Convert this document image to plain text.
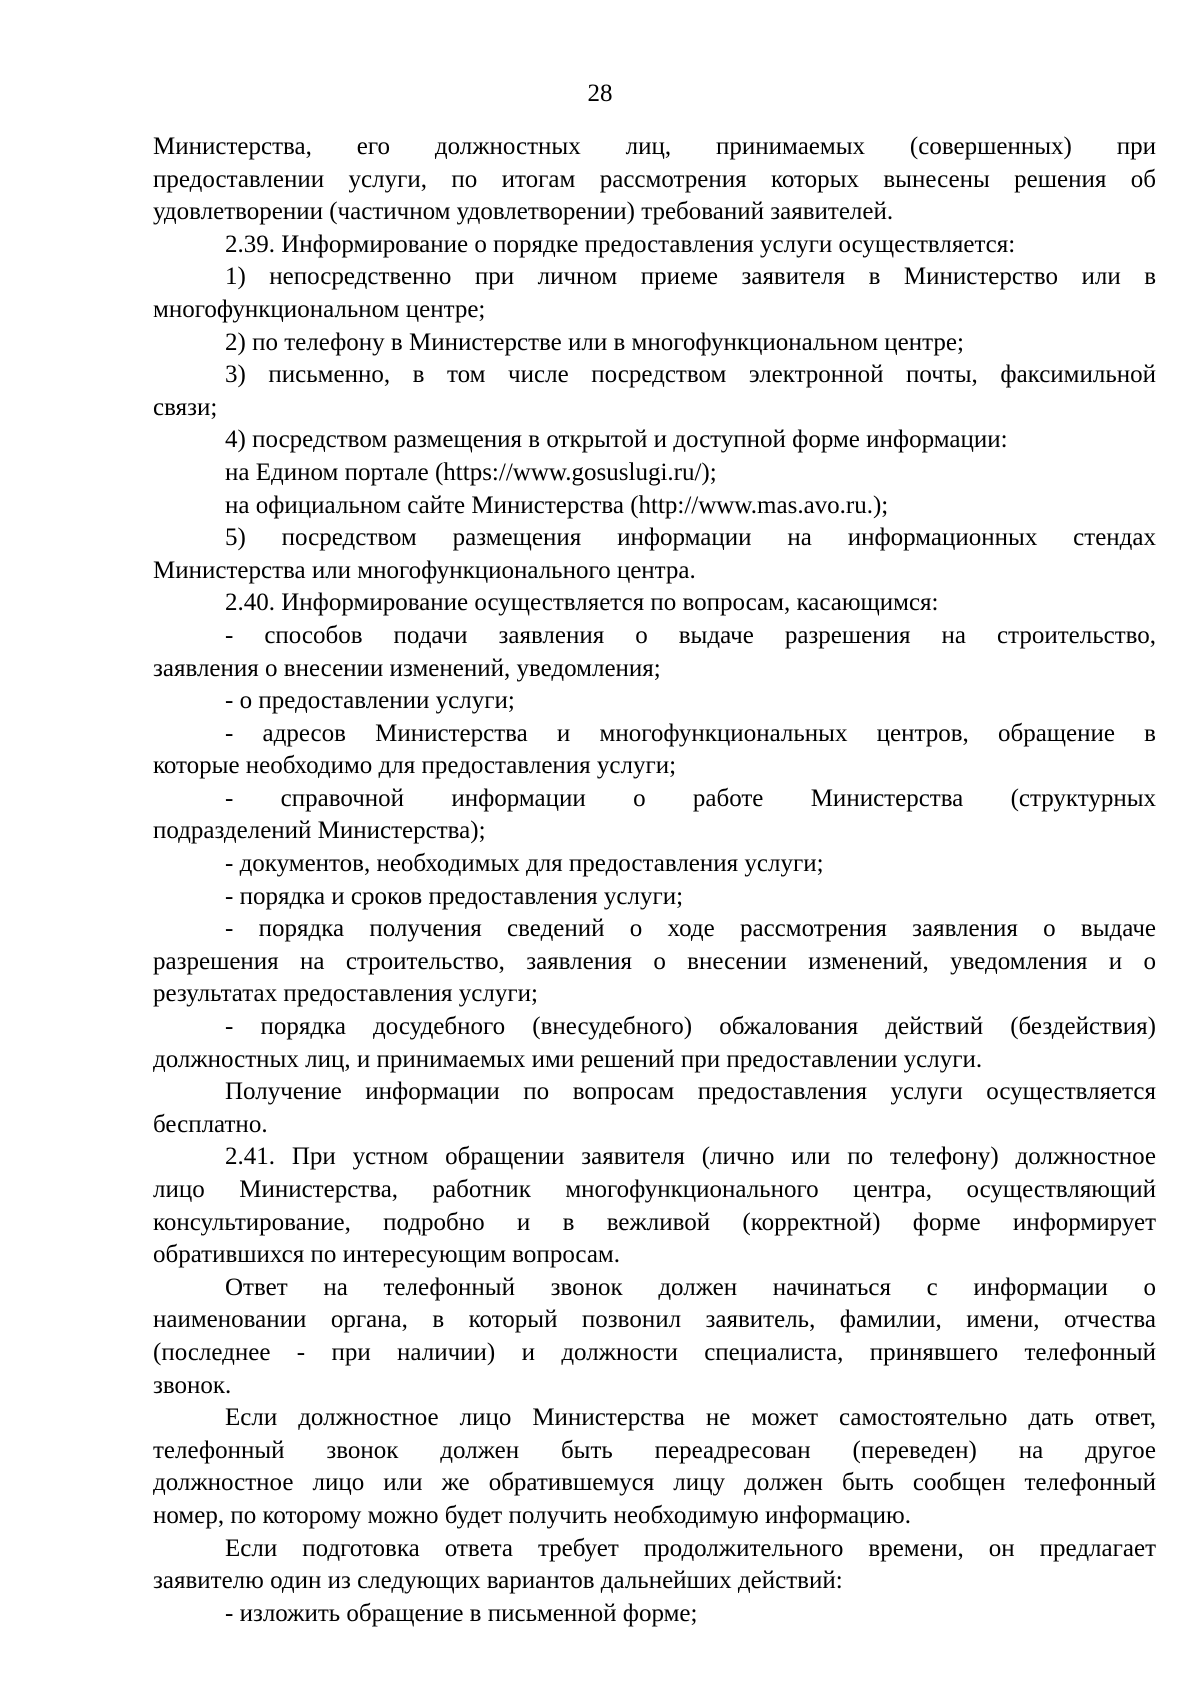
28
Министерства, его должностных лиц, принимаемых (совершенных) при
предоставлении услуги, по итогам рассмотрения которых вынесены решения об
удовлетворении (частичном удовлетворении) требований заявителей.
2.39. Информирование о порядке предоставления услуги осуществляется:
1) непосредственно при личном приеме заявителя в Министерство или в
многофункциональном центре;
2) по телефону в Министерстве или в многофункциональном центре;
3) письменно, в том числе посредством электронной почты, факсимильной
связи;
4) посредством размещения в открытой и доступной форме информации:
на Едином портале (https://www.gosuslugi.ru/);
на официальном сайте Министерства (http://www.mas.avo.ru.);
5) посредством размещения информации на информационных стендах
Министерства или многофункционального центра.
2.40. Информирование осуществляется по вопросам, касающимся:
- способов подачи заявления о выдаче разрешения на строительство,
заявления о внесении изменений, уведомления;
- о предоставлении услуги;
- адресов Министерства и многофункциональных центров, обращение в
которые необходимо для предоставления услуги;
- справочной информации о работе Министерства (структурных
подразделений Министерства);
- документов, необходимых для предоставления услуги;
- порядка и сроков предоставления услуги;
- порядка получения сведений о ходе рассмотрения заявления о выдаче
разрешения на строительство, заявления о внесении изменений, уведомления и о
результатах предоставления услуги;
- порядка досудебного (внесудебного) обжалования действий (бездействия)
должностных лиц, и принимаемых ими решений при предоставлении услуги.
Получение информации по вопросам предоставления услуги осуществляется
бесплатно.
2.41. При устном обращении заявителя (лично или по телефону) должностное
лицо Министерства, работник многофункционального центра, осуществляющий
консультирование, подробно и в вежливой (корректной) форме информирует
обратившихся по интересующим вопросам.
Ответ на телефонный звонок должен начинаться с информации о
наименовании органа, в который позвонил заявитель, фамилии, имени, отчества
(последнее - при наличии) и должности специалиста, принявшего телефонный
звонок.
Если должностное лицо Министерства не может самостоятельно дать ответ,
телефонный звонок должен быть переадресован (переведен) на другое
должностное лицо или же обратившемуся лицу должен быть сообщен телефонный
номер, по которому можно будет получить необходимую информацию.
Если подготовка ответа требует продолжительного времени, он предлагает
заявителю один из следующих вариантов дальнейших действий:
- изложить обращение в письменной форме;
